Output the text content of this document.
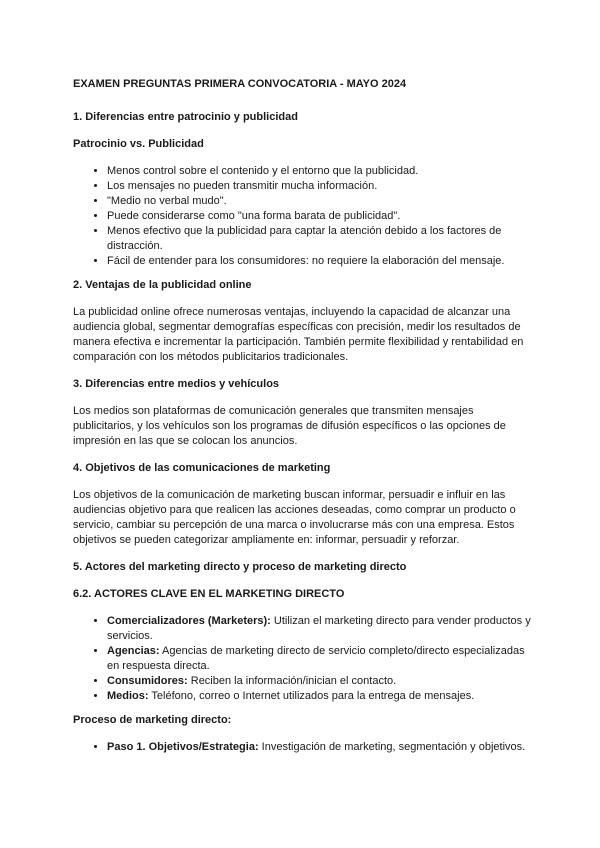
EXAMEN PREGUNTAS PRIMERA CONVOCATORIA - MAYO 2024
1. Diferencias entre patrocinio y publicidad
Patrocinio vs. Publicidad
• Menos control sobre el contenido y el entorno que la publicidad.
• Los mensajes no pueden transmitir mucha información.
• "Medio no verbal mudo".
• Puede considerarse como "una forma barata de publicidad".
• Menos efectivo que la publicidad para captar la atención debido a los factores de distracción.
• Fácil de entender para los consumidores: no requiere la elaboración del mensaje.
2. Ventajas de la publicidad online

La publicidad online ofrece numerosas ventajas, incluyendo la capacidad de alcanzar una audiencia global, segmentar demografías específicas con precisión, medir los resultados de manera efectiva e incrementar la participación. También permite flexibilidad y rentabilidad en comparación con los métodos publicitarios tradicionales.

3. Diferencias entre medios y vehículos

Los medios son plataformas de comunicación generales que transmiten mensajes publicitarios, y los vehículos son los programas de difusión específicos o las opciones de impresión en las que se colocan los anuncios.

4. Objetivos de las comunicaciones de marketing

Los objetivos de la comunicación de marketing buscan informar, persuadir e influir en las audiencias objetivo para que realicen las acciones deseadas, como comprar un producto o servicio, cambiar su percepción de una marca o involucrarse más con una empresa. Estos objetivos se pueden categorizar ampliamente en: informar, persuadir y reforzar.

5. Actores del marketing directo y proceso de marketing directo
6.2. ACTORES CLAVE EN EL MARKETING DIRECTO
• Comercializadores (Marketers): Utilizan el marketing directo para vender productos y servicios.
• Agencias: Agencias de marketing directo de servicio completo/directo especializadas en respuesta directa.
• Consumidores: Reciben la información/inician el contacto.
• Medios: Teléfono, correo o Internet utilizados para la entrega de mensajes.
Proceso de marketing directo:
• Paso 1. Objetivos/Estrategia: Investigación de marketing, segmentación y objetivos.
